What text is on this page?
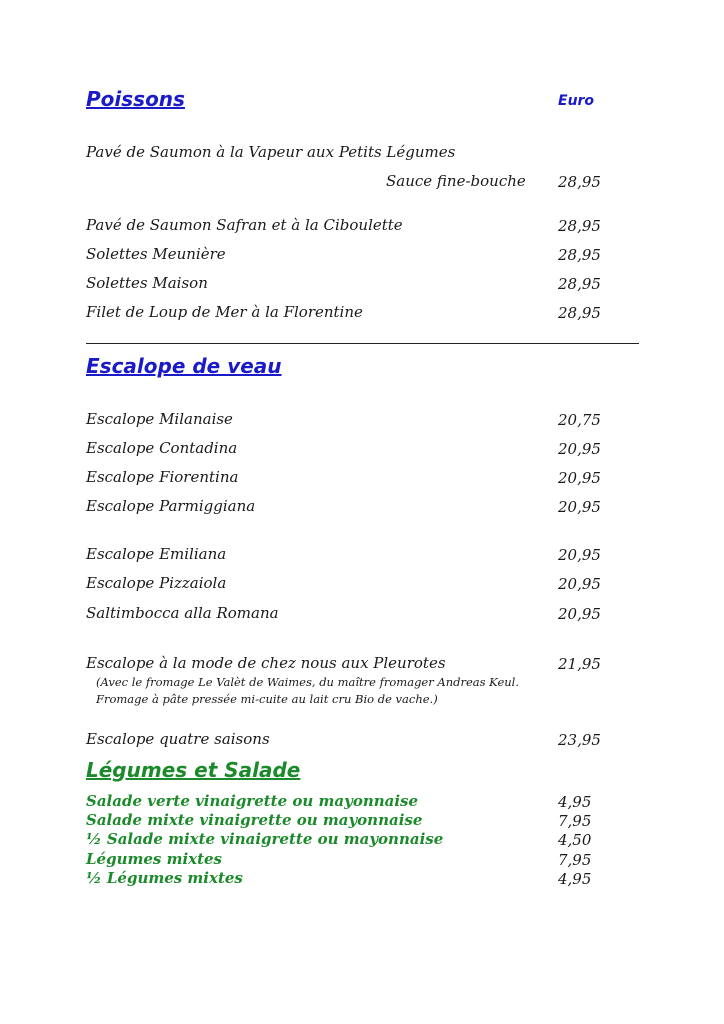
Poissons	Euro
Pavé de Saumon à la Vapeur aux Petits Légumes
Sauce fine-bouche 28,95
Pavé de Saumon Safran et à la Ciboulette	28,95
Solettes Meunière	28,95
Solettes Maison	28,95
Filet de Loup de Mer à la Florentine	28,95
Escalope de veau
Escalope Milanaise	20,75
Escalope Contadina	20,95
Escalope Fiorentina	20,95
Escalope Parmiggiana	20,95
Escalope Emiliana	20,95
Escalope Pizzaiola	20,95
Saltimbocca alla Romana	20,95
Escalope à la mode de chez nous aux Pleurotes	21,95
(Avec le fromage Le Valèt de Waimes, du maître fromager Andreas Keul.
Fromage à pâte pressée mi-cuite au lait cru Bio de vache.)
Escalope quatre saisons	23,95
Légumes et Salade
Salade verte vinaigrette ou mayonnaise	4,95
Salade mixte vinaigrette ou mayonnaise	7,95
½ Salade mixte vinaigrette ou mayonnaise	4,50
Légumes mixtes	7,95
½ Légumes mixtes	4,95
